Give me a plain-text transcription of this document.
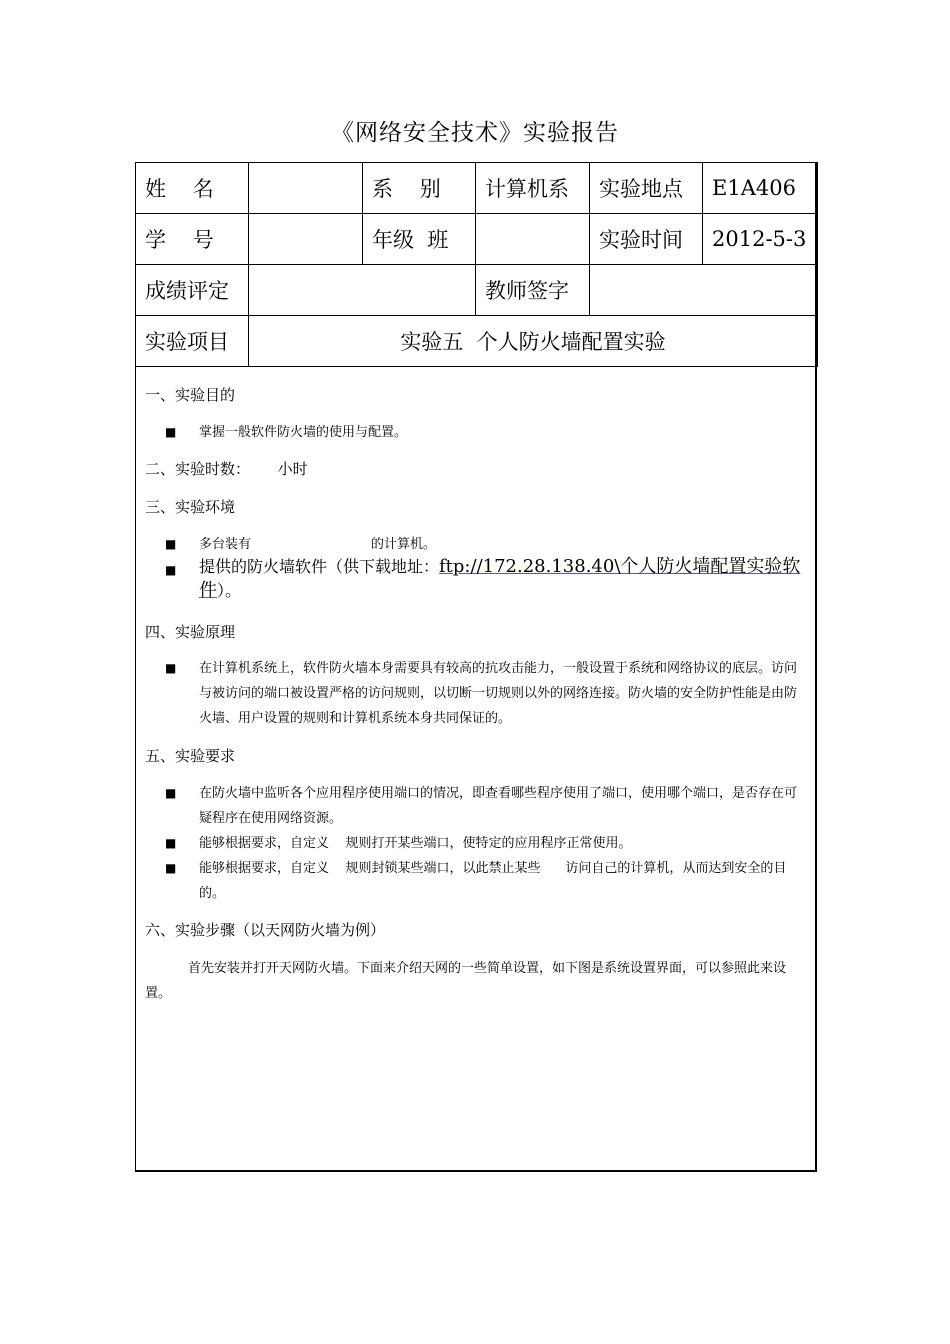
《网络安全技术》实验报告
姓    名		系    别	计算机系	实验地点	E1A406
学    号		年级  班		实验时间	2012-5-3
成绩评定			教师签字		
实验项目	实验五  个人防火墙配置实验				
一、实验目的
■ 掌握一般软件防火墙的使用与配置。
二、实验时数： 小时
三、实验环境
■ 多台装有	的计算机。
■ 提供的防火墙软件（供下载地址：ftp://172.28.138.40\个人防火墙配置实验软
件）。
四、实验原理
■ 在计算机系统上，软件防火墙本身需要具有较高的抗攻击能力，一般设置于系统和网络协议的底层。访问与被访问的端口被设置严格的访问规则，以切断一切规则以外的网络连接。防火墙的安全防护性能是由防火墙、用户设置的规则和计算机系统本身共同保证的。
五、实验要求
■ 在防火墙中监听各个应用程序使用端口的情况，即查看哪些程序使用了端口，使用哪个端口，是否存在可疑程序在使用网络资源。
■ 能够根据要求，自定义    规则打开某些端口，使特定的应用程序正常使用。
■ 能够根据要求，自定义    规则封锁某些端口，以此禁止某些      访问自己的计算机，从而达到安全的目的。
六、实验步骤（以天网防火墙为例）
首先安装并打开天网防火墙。下面来介绍天网的一些简单设置，如下图是系统设置界面，可以参照此来设置。
